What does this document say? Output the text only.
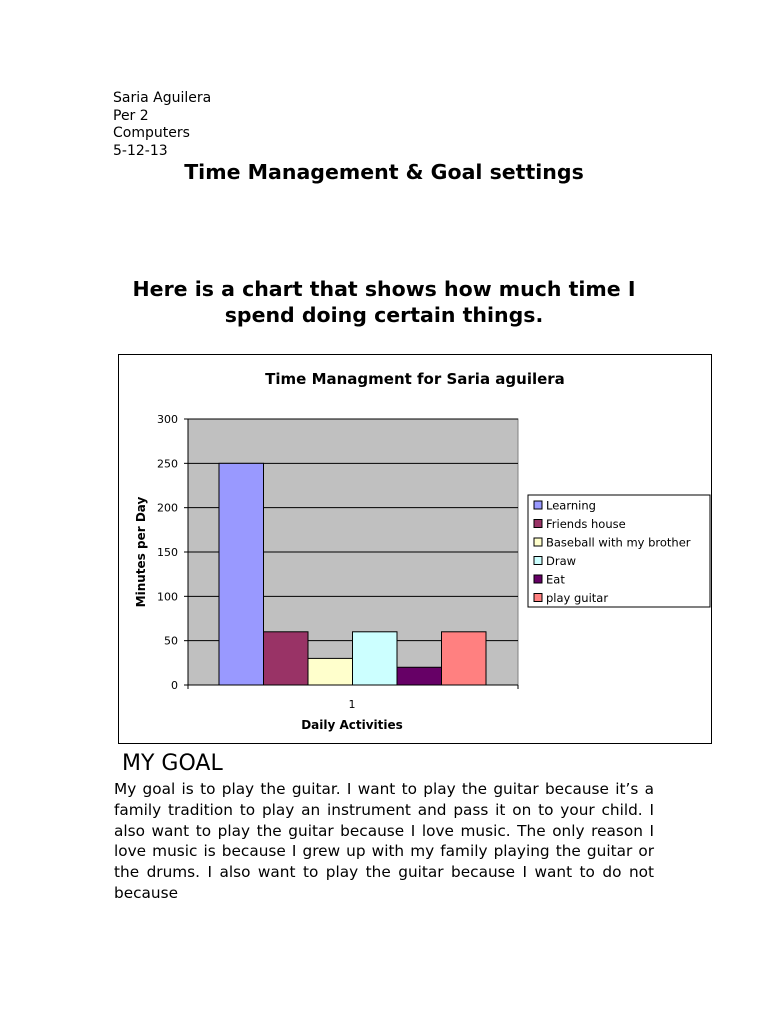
Saria Aguilera
Per 2
Computers
5-12-13
Time Management & Goal settings
Here is a chart that shows how much time I spend doing certain things.
Time Managment for Saria aguilera
0
50
100
150
200
250
300
1
Daily Activities
Minutes per Day	Learning
Friends house
Baseball with my brother
Draw
Eat
play guitar
MY GOAL
My goal is to play the guitar. I want to play the guitar because it’s a family tradition to play an instrument and pass it on to your child. I also want to play the guitar because I love music. The only reason I love music is because I grew up with my family playing the guitar or the drums. I also want to play the guitar because I want to do not because
